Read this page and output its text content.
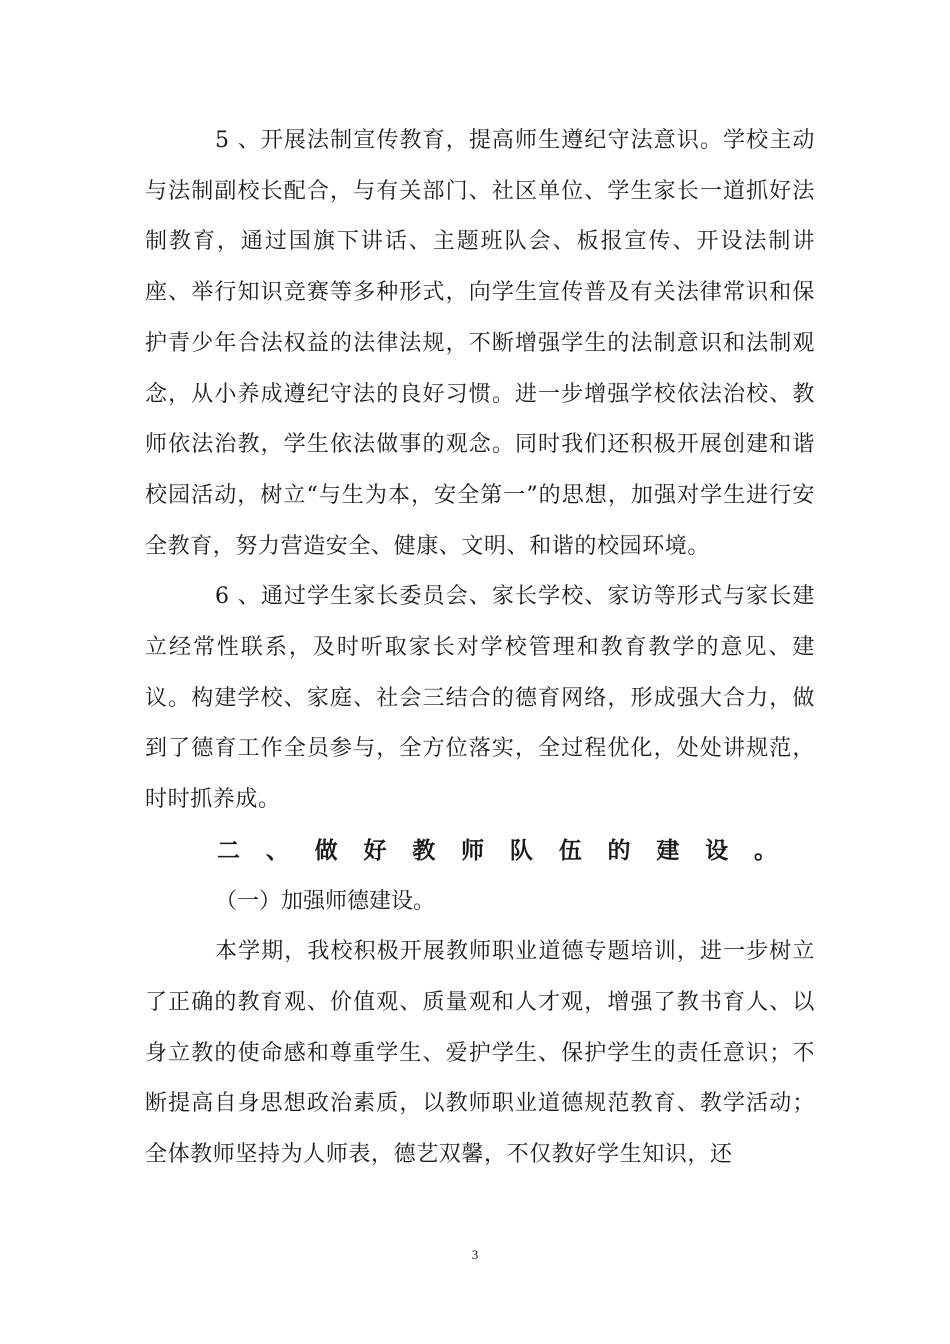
5 、开展法制宣传教育，提高师生遵纪守法意识。学校主动与法制副校长配合，与有关部门、社区单位、学生家长一道抓好法制教育，通过国旗下讲话、主题班队会、板报宣传、开设法制讲座、举行知识竞赛等多种形式，向学生宣传普及有关法律常识和保护青少年合法权益的法律法规，不断增强学生的法制意识和法制观念，从小养成遵纪守法的良好习惯。进一步增强学校依法治校、教师依法治教，学生依法做事的观念。同时我们还积极开展创建和谐校园活动，树立“与生为本，安全第一”的思想，加强对学生进行安全教育，努力营造安全、健康、文明、和谐的校园环境。

6 、通过学生家长委员会、家长学校、家访等形式与家长建立经常性联系，及时听取家长对学校管理和教育教学的意见、建议。构建学校、家庭、社会三结合的德育网络，形成强大合力，做到了德育工作全员参与，全方位落实，全过程优化，处处讲规范，时时抓养成。

二 、 做 好 教 师 队 伍 的 建 设 。

（一）加强师德建设。

本学期，我校积极开展教师职业道德专题培训，进一步树立了正确的教育观、价值观、质量观和人才观，增强了教书育人、以身立教的使命感和尊重学生、爱护学生、保护学生的责任意识；不断提高自身思想政治素质，以教师职业道德规范教育、教学活动；全体教师坚持为人师表，德艺双馨，不仅教好学生知识，还

3
